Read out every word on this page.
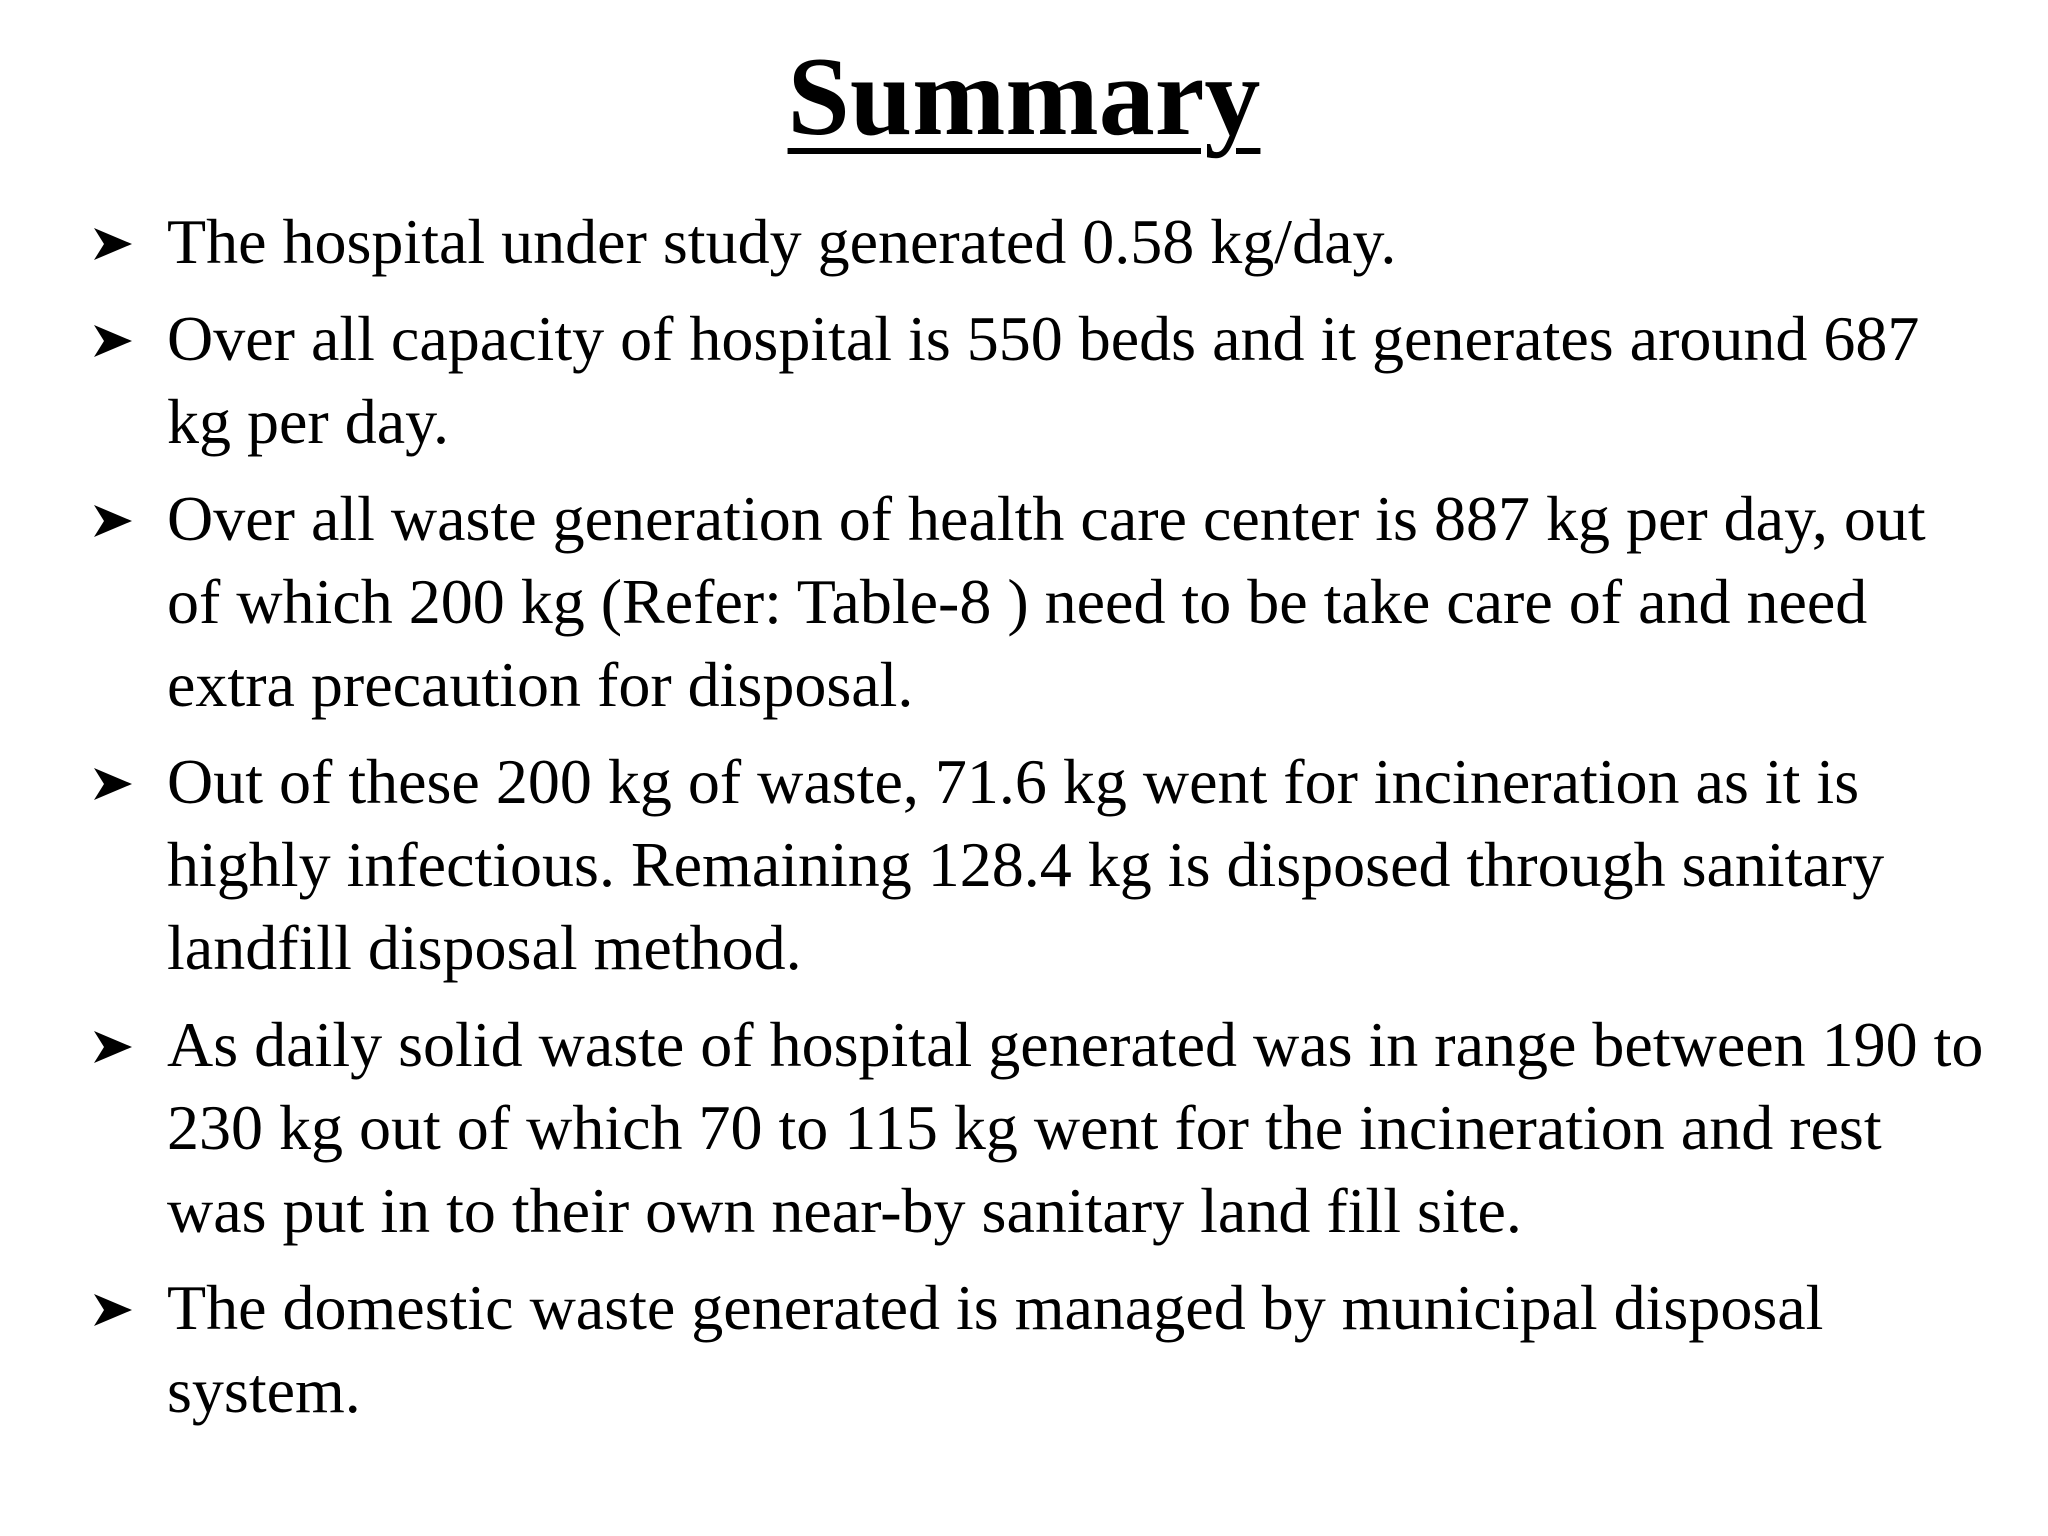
Summary
The hospital under study generated 0.58 kg/day.
Over all capacity of hospital is 550 beds and it generates around 687 kg per day.
Over all waste generation of health care center is 887 kg per day, out of which 200 kg (Refer: Table-8 ) need to be take care of and need extra precaution for disposal.
Out of these 200 kg of waste, 71.6 kg went for incineration as it is highly infectious. Remaining 128.4 kg is disposed through sanitary landfill disposal method.
As daily solid waste of hospital generated was in range between 190 to 230 kg out of which 70 to 115 kg went for the incineration and rest was put in to their own near-by sanitary land fill site.
The domestic waste generated is managed by municipal disposal system.
